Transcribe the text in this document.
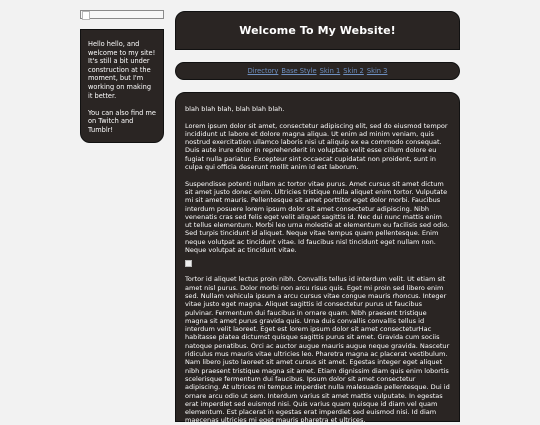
Hello hello, and welcome to my site! It's still a bit under construction at the moment, but I'm working on making it better.

You can also find me on Twitch and Tumblr!

Welcome To My Website!
Directory Base Style Skin 1 Skin 2 Skin 3

blah blah blah, blah blah blah.

Lorem ipsum dolor sit amet, consectetur adipiscing elit, sed do eiusmod tempor incididunt ut labore et dolore magna aliqua. Ut enim ad minim veniam, quis nostrud exercitation ullamco laboris nisi ut aliquip ex ea commodo consequat. Duis aute irure dolor in reprehenderit in voluptate velit esse cillum dolore eu fugiat nulla pariatur. Excepteur sint occaecat cupidatat non proident, sunt in culpa qui officia deserunt mollit anim id est laborum.

Suspendisse potenti nullam ac tortor vitae purus. Amet cursus sit amet dictum sit amet justo donec enim. Ultricies tristique nulla aliquet enim tortor. Vulputate mi sit amet mauris. Pellentesque sit amet porttitor eget dolor morbi. Faucibus interdum posuere lorem ipsum dolor sit amet consectetur adipiscing. Nibh venenatis cras sed felis eget velit aliquet sagittis id. Nec dui nunc mattis enim ut tellus elementum. Morbi leo urna molestie at elementum eu facilisis sed odio. Sed turpis tincidunt id aliquet. Neque vitae tempus quam pellentesque. Enim neque volutpat ac tincidunt vitae. Id faucibus nisl tincidunt eget nullam non. Neque volutpat ac tincidunt vitae.

Tortor id aliquet lectus proin nibh. Convallis tellus id interdum velit. Ut etiam sit amet nisl purus. Dolor morbi non arcu risus quis. Eget mi proin sed libero enim sed. Nullam vehicula ipsum a arcu cursus vitae congue mauris rhoncus. Integer vitae justo eget magna. Aliquet sagittis id consectetur purus ut faucibus pulvinar. Fermentum dui faucibus in ornare quam. Nibh praesent tristique magna sit amet purus gravida quis. Urna duis convallis convallis tellus id interdum velit laoreet. Eget est lorem ipsum dolor sit amet consecteturHac habitasse platea dictumst quisque sagittis purus sit amet. Gravida cum sociis natoque penatibus. Orci ac auctor augue mauris augue neque gravida. Nascetur ridiculus mus mauris vitae ultricies leo. Pharetra magna ac placerat vestibulum. Nam libero justo laoreet sit amet cursus sit amet. Egestas integer eget aliquet nibh praesent tristique magna sit amet. Etiam dignissim diam quis enim lobortis scelerisque fermentum dui faucibus. Ipsum dolor sit amet consectetur adipiscing. At ultrices mi tempus imperdiet nulla malesuada pellentesque. Dui id ornare arcu odio ut sem. Interdum varius sit amet mattis vulputate. In egestas erat imperdiet sed euismod nisi. Quis varius quam quisque id diam vel quam elementum. Est placerat in egestas erat imperdiet sed euismod nisi. Id diam maecenas ultricies mi eget mauris pharetra et ultrices.
